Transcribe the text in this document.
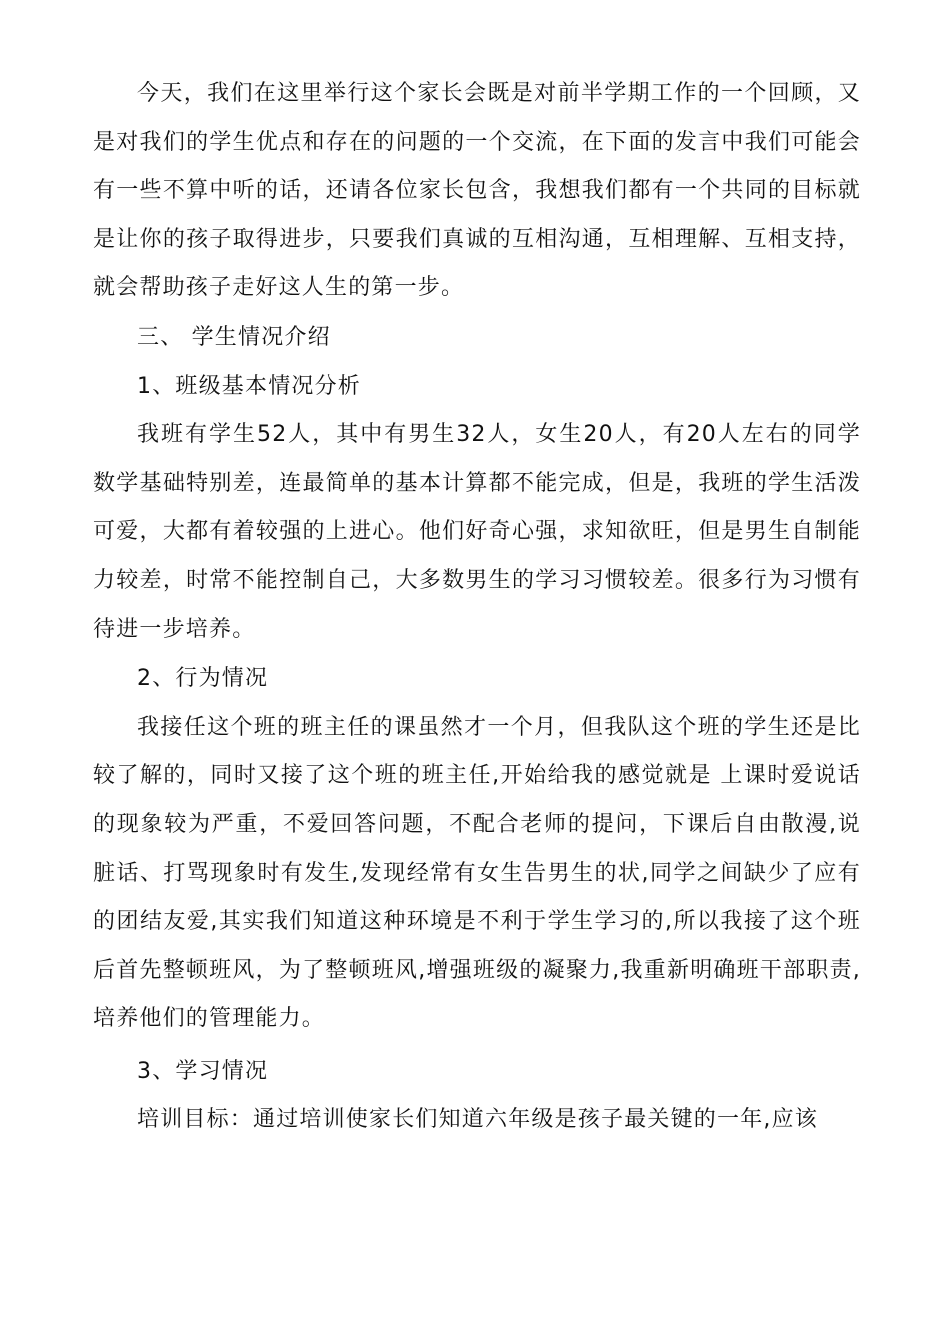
今天，我们在这里举行这个家长会既是对前半学期工作的一个回顾，又是对我们的学生优点和存在的问题的一个交流，在下面的发言中我们可能会有一些不算中听的话，还请各位家长包含，我想我们都有一个共同的目标就是让你的孩子取得进步，只要我们真诚的互相沟通，互相理解、互相支持，就会帮助孩子走好这人生的第一步。

三、 学生情况介绍

1、班级基本情况分析

我班有学生52人，其中有男生32人，女生20人，有20人左右的同学数学基础特别差，连最简单的基本计算都不能完成，但是，我班的学生活泼可爱，大都有着较强的上进心。他们好奇心强，求知欲旺，但是男生自制能力较差，时常不能控制自己，大多数男生的学习习惯较差。很多行为习惯有待进一步培养。

2、行为情况

我接任这个班的班主任的课虽然才一个月，但我队这个班的学生还是比较了解的，同时又接了这个班的班主任,开始给我的感觉就是 上课时爱说话的现象较为严重，不爱回答问题，不配合老师的提问，下课后自由散漫,说脏话、打骂现象时有发生,发现经常有女生告男生的状,同学之间缺少了应有的团结友爱,其实我们知道这种环境是不利于学生学习的,所以我接了这个班后首先整顿班风，为了整顿班风,增强班级的凝聚力,我重新明确班干部职责,培养他们的管理能力。

3、学习情况

培训目标：通过培训使家长们知道六年级是孩子最关键的一年,应该
